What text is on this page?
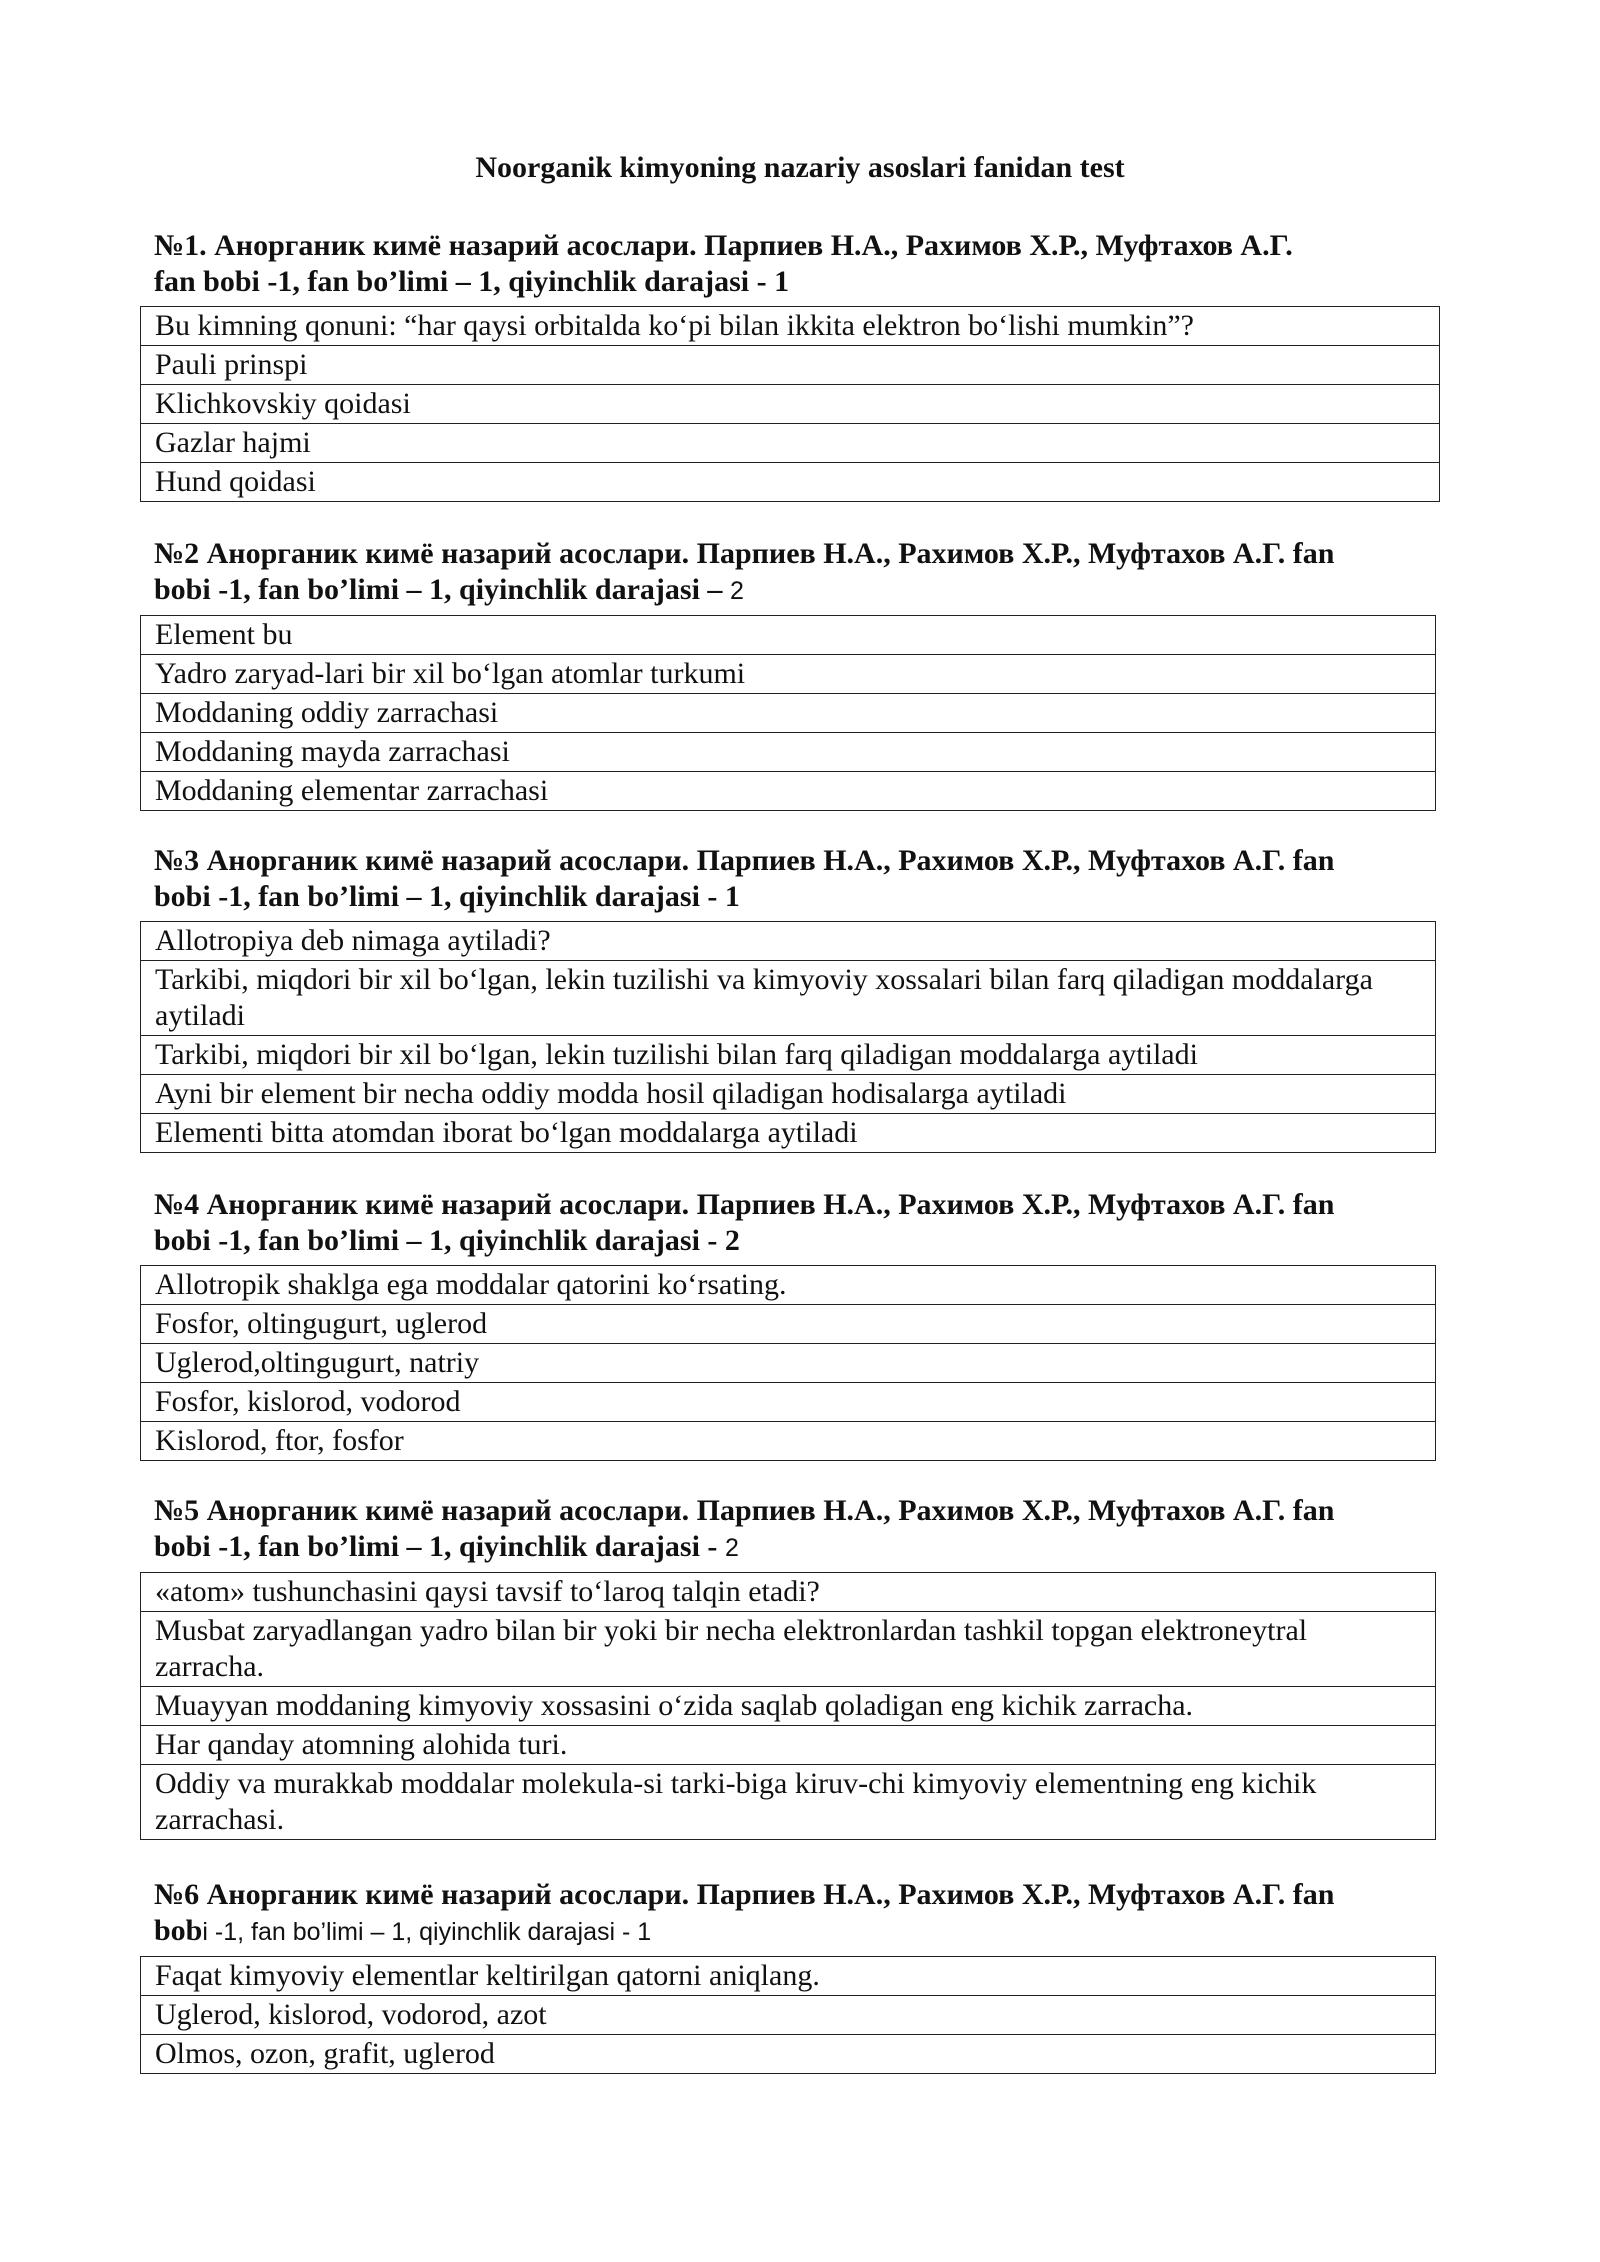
Noorganik kimyoning nazariy asoslari fanidan test
№1. Анорганик кимё назарий асослари. Парпиев Н.А., Рахимов Х.Р., Муфтахов А.Г.
fan bobi -1, fan bo’limi – 1, qiyinchlik darajasi - 1
Bu kimning qonuni: “har qaysi orbitalda ko‘pi bilan ikkita elektron bo‘lishi mumkin”?
Pauli prinspi
Klichkovskiy qoidasi
Gazlar hajmi
Hund qoidasi
№2 Анорганик кимё назарий асослари. Парпиев Н.А., Рахимов Х.Р., Муфтахов А.Г. fan
bobi -1, fan bo’limi – 1, qiyinchlik darajasi – 2
Element bu
Yadro zaryad-lari bir xil bo‘lgan atomlar turkumi
Moddaning oddiy zarrachasi
Moddaning mayda zarrachasi
Moddaning elementar zarrachasi
№3 Анорганик кимё назарий асослари. Парпиев Н.А., Рахимов Х.Р., Муфтахов А.Г. fan
bobi -1, fan bo’limi – 1, qiyinchlik darajasi - 1
Allotropiya deb nimaga aytiladi?
Tarkibi, miqdori bir xil bo‘lgan, lekin tuzilishi va kimyoviy xossalari bilan farq qiladigan moddalarga aytiladi
Tarkibi, miqdori bir xil bo‘lgan, lekin tuzilishi bilan farq qiladigan moddalarga aytiladi
Ayni bir element bir necha oddiy modda hosil qiladigan hodisalarga aytiladi
Elementi bitta atomdan iborat bo‘lgan moddalarga aytiladi
№4 Анорганик кимё назарий асослари. Парпиев Н.А., Рахимов Х.Р., Муфтахов А.Г. fan
bobi -1, fan bo’limi – 1, qiyinchlik darajasi - 2
Allotropik shaklga ega moddalar qatorini ko‘rsating.
Fosfor, oltingugurt, uglerod
Uglerod,oltingugurt, natriy
Fosfor, kislorod, vodorod
Kislorod, ftor, fosfor
№5 Анорганик кимё назарий асослари. Парпиев Н.А., Рахимов Х.Р., Муфтахов А.Г. fan
bobi -1, fan bo’limi – 1, qiyinchlik darajasi - 2
«atom» tushunchasini qaysi tavsif to‘laroq talqin etadi?
Musbat zaryadlangan yadro bilan bir yoki bir necha elektronlardan tashkil topgan elektroneytral zarracha.
Muayyan moddaning kimyoviy xossasini o‘zida saqlab qoladigan eng kichik zarracha.
Har qanday atomning alohida turi.
Oddiy va murakkab moddalar molekula-si tarki-biga kiruv-chi kimyoviy elementning eng kichik zarrachasi.
№6 Анорганик кимё назарий асослари. Парпиев Н.А., Рахимов Х.Р., Муфтахов А.Г. fan
bobi -1, fan bo’limi – 1, qiyinchlik darajasi - 1
Faqat kimyoviy elementlar keltirilgan qatorni aniqlang.
Uglerod, kislorod, vodorod, azot
Olmos, ozon, grafit, uglerod
